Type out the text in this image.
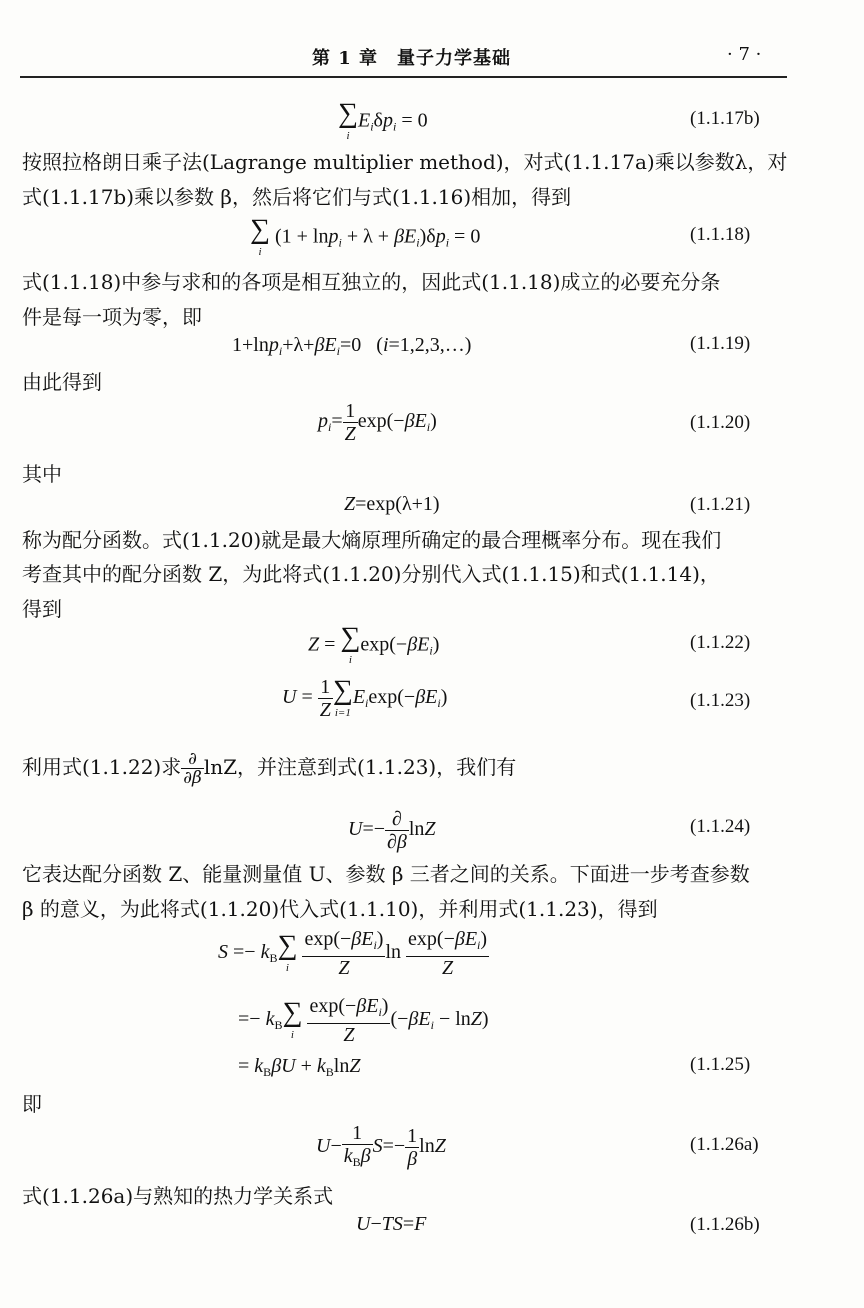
第 1 章　量子力学基础	· 7 ·
∑
i
$E_i\delta p_i = 0$	(1.1.17b)
按照拉格朗日乘子法(Lagrange multiplier method)，对式(1.1.17a)乘以参数λ，对
式(1.1.17b)乘以参数 β，然后将它们与式(1.1.16)相加，得到
∑
i
$(1 + \ln p_i + \lambda + \beta E_i)\delta p_i = 0$	(1.1.18)
式(1.1.18)中参与求和的各项是相互独立的，因此式(1.1.18)成立的必要充分条
件是每一项为零，即
$1+\ln p_i+\lambda+\beta E_i=0$   (i=1,2,3,…)	(1.1.19)
由此得到
$p_i= \frac{1}{Z} \exp(-\beta E_i)$	(1.1.20)
其中
Z=exp(λ+1)	(1.1.21)
称为配分函数。式(1.1.20)就是最大熵原理所确定的最合理概率分布。现在我们
考查其中的配分函数 Z，为此将式(1.1.20)分别代入式(1.1.15)和式(1.1.14)，
得到
Z = ∑
i
$\exp(-\beta E_i)$	(1.1.22)
$U = \frac{1}{Z}$ ∑
i=1
$E_i\exp(-\beta E_i)$	(1.1.23)
利用式(1.1.22)求 $\frac{\partial}{\partial\beta}$ lnZ，并注意到式(1.1.23)，我们有
$U=- \frac{\partial}{\partial\beta}$ lnZ	(1.1.24)
它表达配分函数 Z、能量测量值 U、参数 β 三者之间的关系。下面进一步考查参数
β 的意义，为此将式(1.1.20)代入式(1.1.10)，并利用式(1.1.23)，得到
$S =- k_B$ ∑
i
$\frac{\exp(-\beta E_i)}{Z}$ $\ln \frac{\exp(-\beta E_i)}{Z}$
=− $k_B$ ∑
i
$\frac{\exp(-\beta E_i)}{Z} (-\beta E_i - \ln Z)$
= $k_B\beta U + k_B\ln Z$	(1.1.25)
即
$U- \frac{1}{k_B\beta} S=- \frac{1}{\beta}$ lnZ	(1.1.26a)
式(1.1.26a)与熟知的热力学关系式
U−TS=F	(1.1.26b)
